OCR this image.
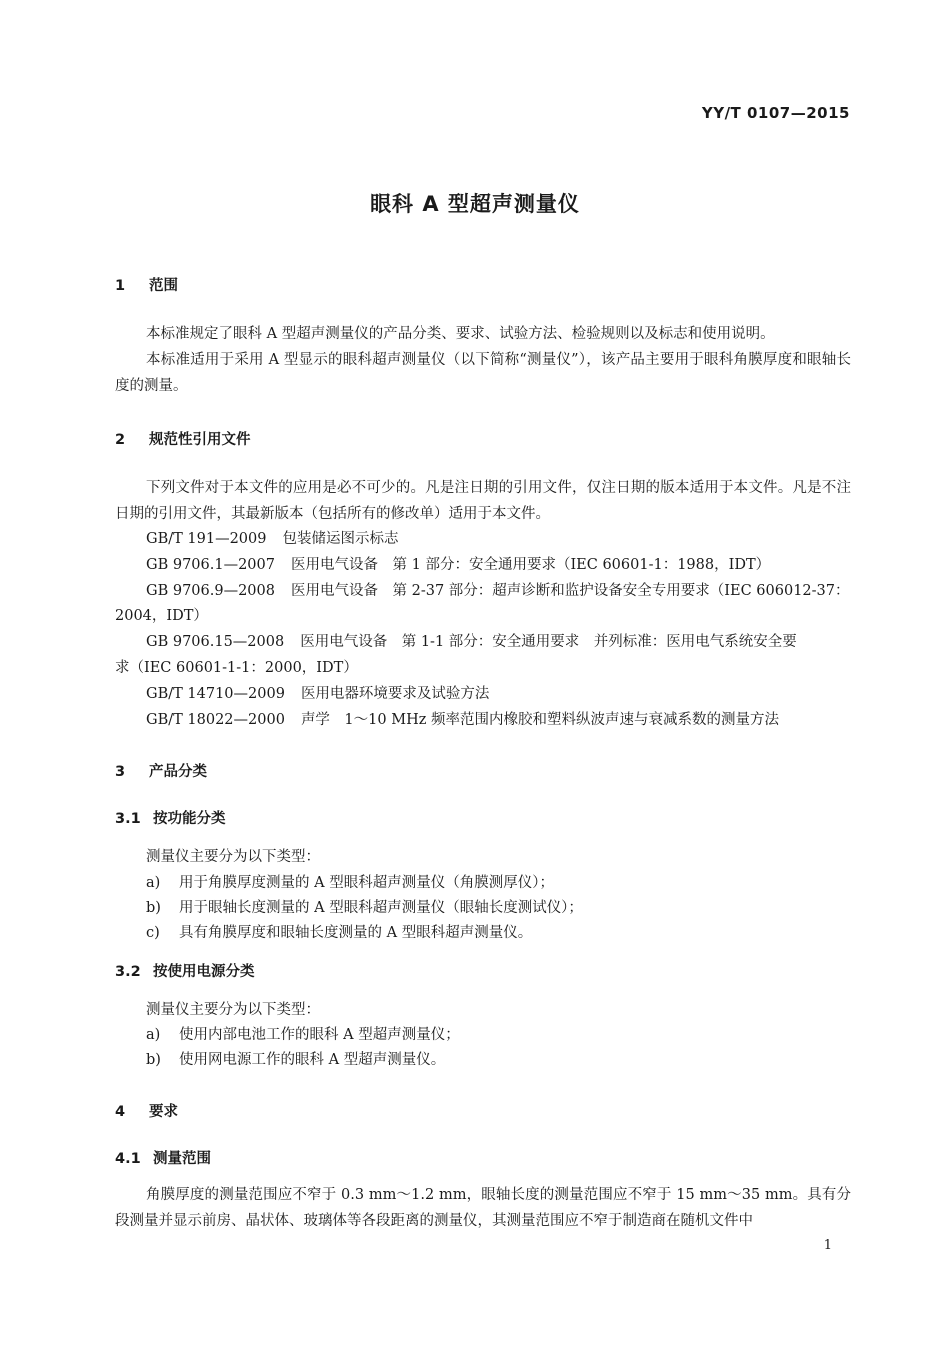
YY/T 0107—2015
眼科 A 型超声测量仪
1 范围
本标准规定了眼科 A 型超声测量仪的产品分类、要求、试验方法、检验规则以及标志和使用说明。
本标准适用于采用 A 型显示的眼科超声测量仪（以下简称“测量仪”），该产品主要用于眼科角膜厚度和眼轴长度的测量。
2 规范性引用文件
下列文件对于本文件的应用是必不可少的。凡是注日期的引用文件，仅注日期的版本适用于本文件。凡是不注日期的引用文件，其最新版本（包括所有的修改单）适用于本文件。
GB/T 191—2009 包装储运图示标志
GB 9706.1—2007 医用电气设备　第 1 部分：安全通用要求（IEC 60601-1：1988，IDT）
GB 9706.9—2008 医用电气设备　第 2-37 部分：超声诊断和监护设备安全专用要求（IEC 606012-37：
2004，IDT）
GB 9706.15—2008 医用电气设备　第 1-1 部分：安全通用要求　并列标准：医用电气系统安全要
求（IEC 60601-1-1：2000，IDT）
GB/T 14710—2009 医用电器环境要求及试验方法
GB/T 18022—2000 声学　1～10 MHz 频率范围内橡胶和塑料纵波声速与衰减系数的测量方法
3 产品分类
3.1 按功能分类
测量仪主要分为以下类型：
a) 用于角膜厚度测量的 A 型眼科超声测量仪（角膜测厚仪）；
b) 用于眼轴长度测量的 A 型眼科超声测量仪（眼轴长度测试仪）；
c) 具有角膜厚度和眼轴长度测量的 A 型眼科超声测量仪。
3.2 按使用电源分类
测量仪主要分为以下类型：
a) 使用内部电池工作的眼科 A 型超声测量仪；
b) 使用网电源工作的眼科 A 型超声测量仪。
4 要求
4.1 测量范围
角膜厚度的测量范围应不窄于 0.3 mm～1.2 mm，眼轴长度的测量范围应不窄于 15 mm～35 mm。具有分段测量并显示前房、晶状体、玻璃体等各段距离的测量仪，其测量范围应不窄于制造商在随机文件中
1
